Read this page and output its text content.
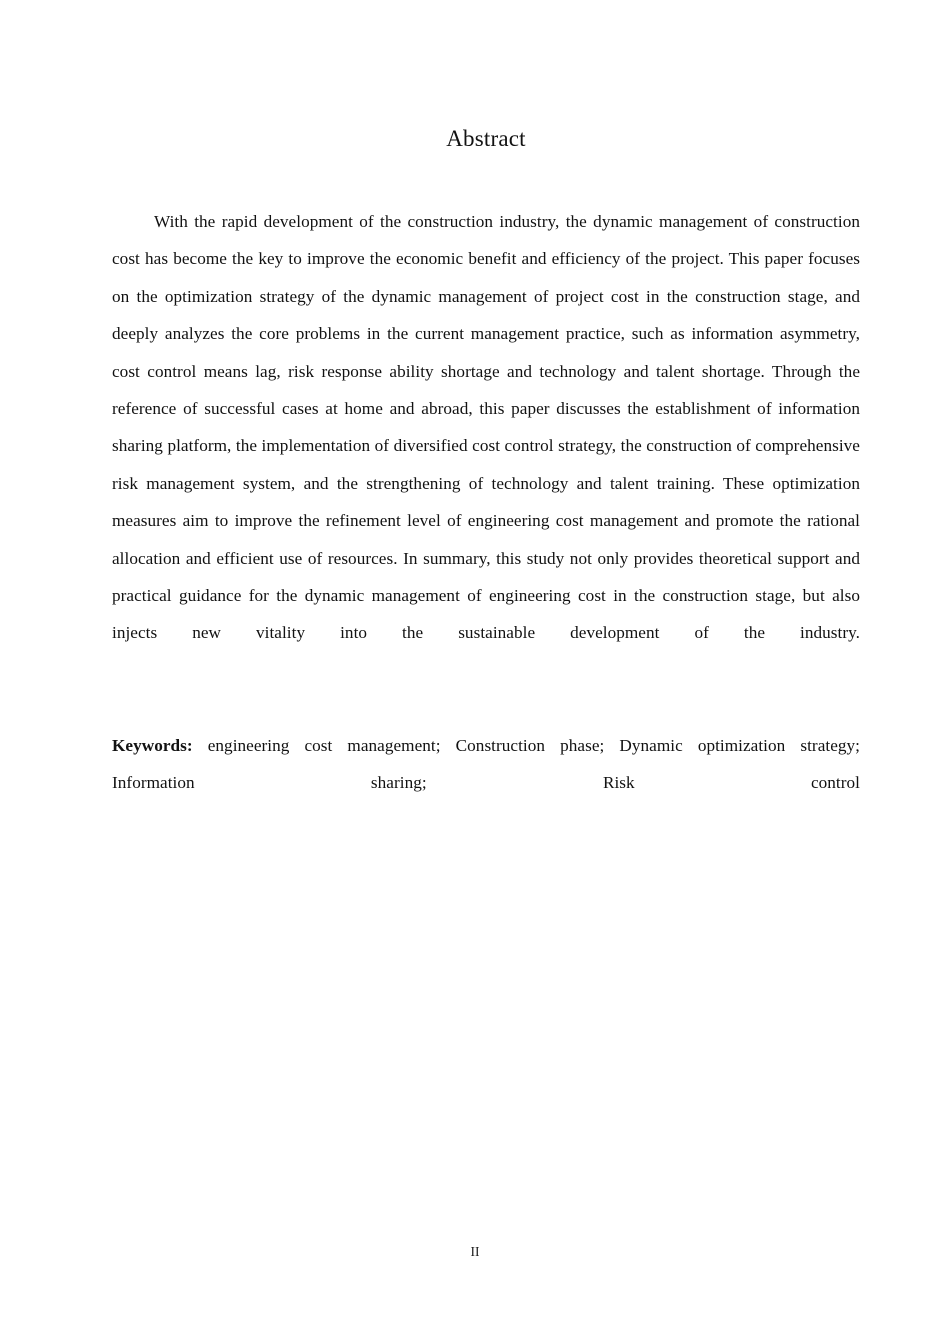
Abstract

With the rapid development of the construction industry, the dynamic management of construction cost has become the key to improve the economic benefit and efficiency of the project. This paper focuses on the optimization strategy of the dynamic management of project cost in the construction stage, and deeply analyzes the core problems in the current management practice, such as information asymmetry, cost control means lag, risk response ability shortage and technology and talent shortage. Through the reference of successful cases at home and abroad, this paper discusses the establishment of information sharing platform, the implementation of diversified cost control strategy, the construction of comprehensive risk management system, and the strengthening of technology and talent training. These optimization measures aim to improve the refinement level of engineering cost management and promote the rational allocation and efficient use of resources. In summary, this study not only provides theoretical support and practical guidance for the dynamic management of engineering cost in the construction stage, but also injects new vitality into the sustainable development of the industry.

Keywords: engineering cost management; Construction phase; Dynamic optimization strategy; Information sharing; Risk control

II
